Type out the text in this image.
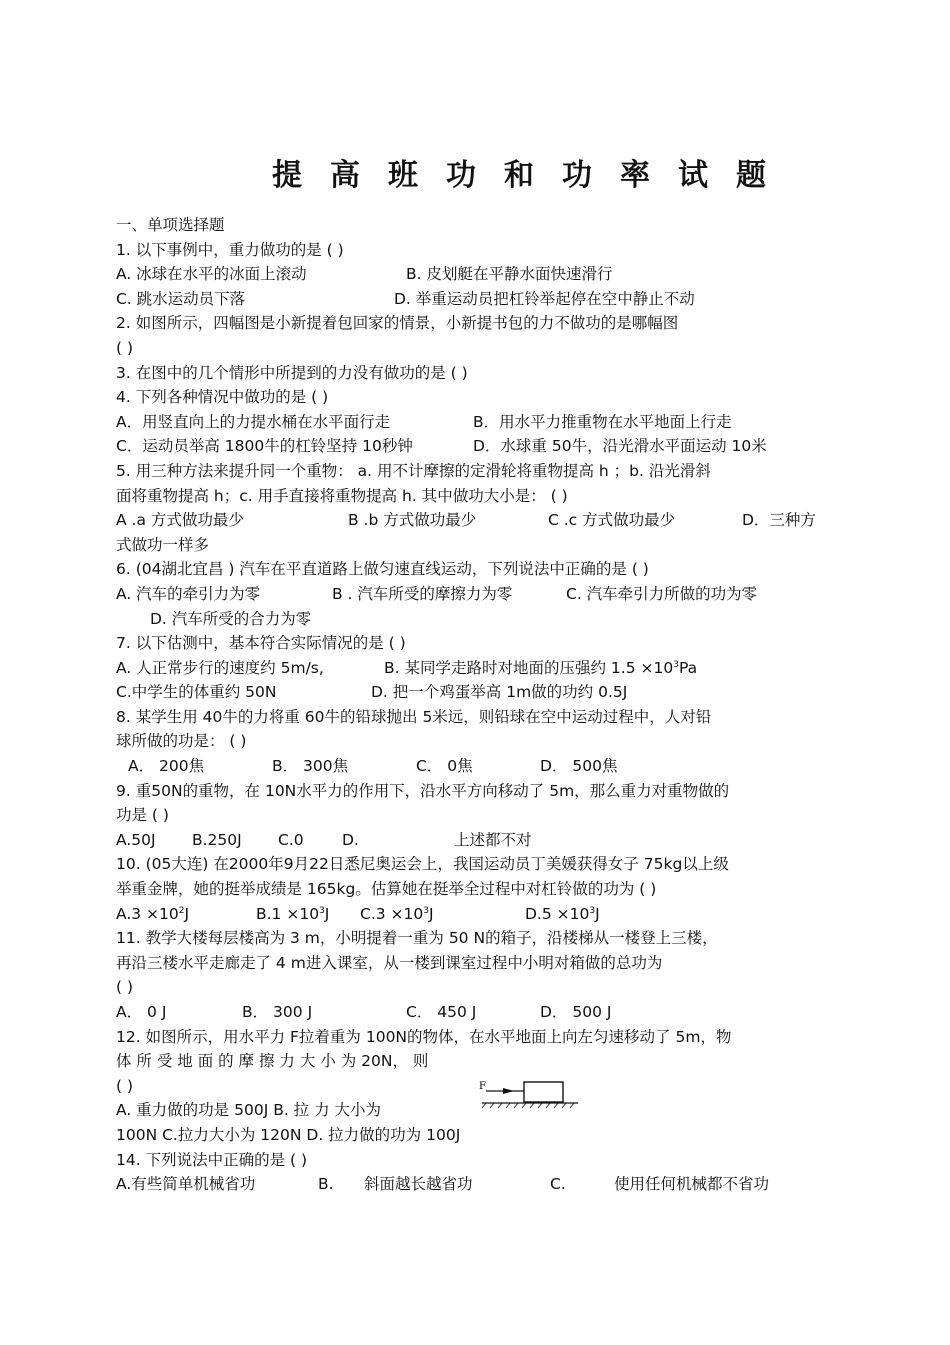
提高班功和功率试题
一、单项选择题
1. 以下事例中，重力做功的是 ( )
A. 冰球在水平的冰面上滚动	B. 皮划艇在平静水面快速滑行
C. 跳水运动员下落	D. 举重运动员把杠铃举起停在空中静止不动
2. 如图所示，四幅图是小新提着包回家的情景，小新提书包的力不做功的是哪幅图
( )
3. 在图中的几个情形中所提到的力没有做功的是 ( )
4. 下列各种情况中做功的是 ( )
A．用竖直向上的力提水桶在水平面行走	B．用水平力推重物在水平地面上行走
C．运动员举高 1800牛的杠铃坚持 10秒钟	D．水球重 50牛，沿光滑水平面运动 10米
5. 用三种方法来提升同一个重物： a. 用不计摩擦的定滑轮将重物提高 h ；b. 沿光滑斜
面将重物提高 h；c. 用手直接将重物提高 h. 其中做功大小是： ( )
A .a 方式做功最少	B .b 方式做功最少	C .c 方式做功最少	D．三种方
式做功一样多
6. (04湖北宜昌 ) 汽车在平直道路上做匀速直线运动，下列说法中正确的是 ( )
A. 汽车的牵引力为零	B . 汽车所受的摩擦力为零	C. 汽车牵引力所做的功为零
D. 汽车所受的合力为零
7. 以下估测中，基本符合实际情况的是 ( )
A. 人正常步行的速度约 5m/s,	B. 某同学走路时对地面的压强约 $1.5 \times 10^3Pa$
C.中学生的体重约 50N	D. 把一个鸡蛋举高 1m做的功约 0.5J
8. 某学生用 40牛的力将重 60牛的铅球抛出 5米远，则铅球在空中运动过程中，人对铅
球所做的功是： ( )
A． 200焦	B． 300焦	C． 0焦	D． 500焦
9. 重50N的重物，在 10N水平力的作用下，沿水平方向移动了 5m，那么重力对重物做的
功是 ( )
A.50J	B.250J	C.0	D.	上述都不对
10. (05大连) 在2000年9月22日悉尼奥运会上，我国运动员丁美媛获得女子 75kg以上级
举重金牌，她的挺举成绩是 165kg。估算她在挺举全过程中对杠铃做的功为 ( )
$A.3 \times 10^2J$	$B.1 \times 10^3J$	$C.3 \times 10^3J$	$D.5 \times 10^3J$
11. 教学大楼每层楼高为 3 m，小明提着一重为 50 N的箱子，沿楼梯从一楼登上三楼，
再沿三楼水平走廊走了 4 m进入课室，从一楼到课室过程中小明对箱做的总功为
( )
A． 0 J	B． 300 J	C． 450 J	D． 500 J
12. 如图所示，用水平力 F拉着重为 100N的物体，在水平地面上向左匀速移动了 5m，物
体 所 受 地 面 的 摩 擦 力 大 小 为 20N， 则
( )
A. 重力做的功是 500J B. 拉 力 大小为
100N C.拉力大小为 120N D. 拉力做的功为 100J
14. 下列说法中正确的是 ( )
A.有些简单机械省功	B.	斜面越长越省功	C.	使用任何机械都不省功
F
